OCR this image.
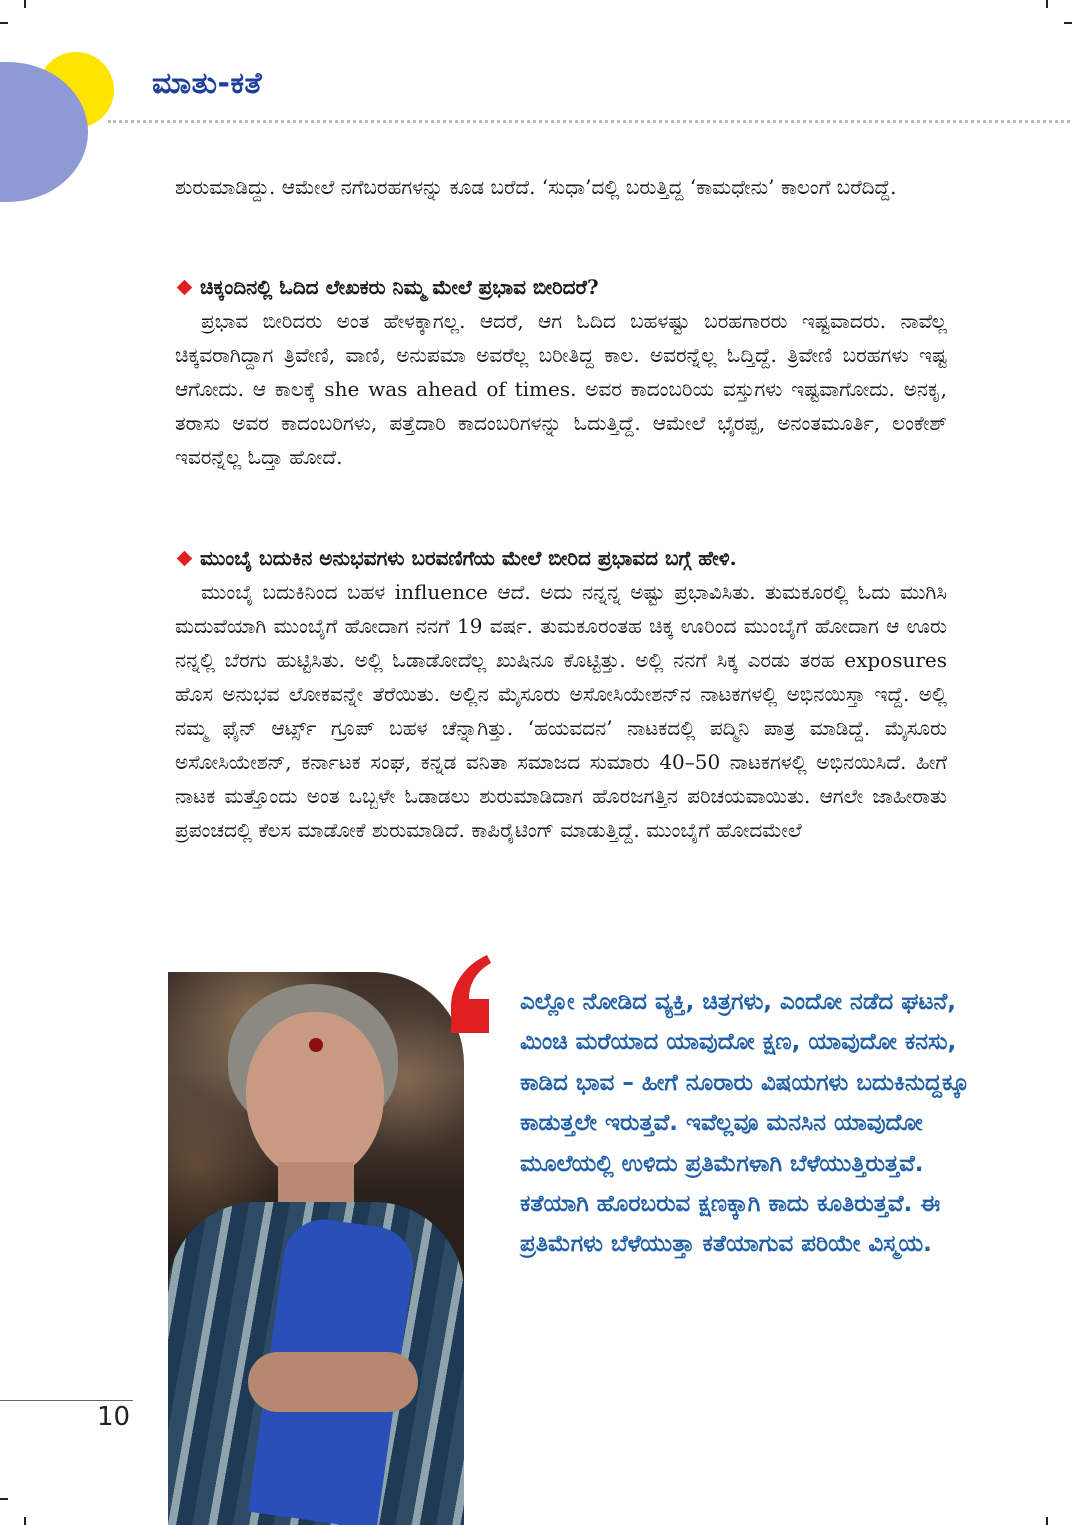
ಮಾತು-ಕತೆ

ಶುರುಮಾಡಿದ್ದು. ಆಮೇಲೆ ನಗೆಬರಹಗಳನ್ನು ಕೂಡ ಬರೆದೆ. ‘ಸುಧಾ’ದಲ್ಲಿ ಬರುತ್ತಿದ್ದ ‘ಕಾಮಧೇನು’ ಕಾಲಂಗೆ ಬರೆದಿದ್ದೆ.

ಚಿಕ್ಕಂದಿನಲ್ಲಿ ಓದಿದ ಲೇಖಕರು ನಿಮ್ಮ ಮೇಲೆ ಪ್ರಭಾವ ಬೀರಿದರೆ?

ಪ್ರಭಾವ ಬೀರಿದರು ಅಂತ ಹೇಳಕ್ಕಾಗಲ್ಲ. ಆದರೆ, ಆಗ ಓದಿದ ಬಹಳಷ್ಟು ಬರಹಗಾರರು ಇಷ್ಟವಾದರು. ನಾವೆಲ್ಲ ಚಿಕ್ಕವರಾಗಿದ್ದಾಗ ತ್ರಿವೇಣಿ, ವಾಣಿ, ಅನುಪಮಾ ಅವರೆಲ್ಲ ಬರೀತಿದ್ದ ಕಾಲ. ಅವರನ್ನೆಲ್ಲ ಓದ್ತಿದ್ದೆ. ತ್ರಿವೇಣಿ ಬರಹಗಳು ಇಷ್ಟ ಆಗೋದು. ಆ ಕಾಲಕ್ಕೆ she was ahead of times. ಅವರ ಕಾದಂಬರಿಯ ವಸ್ತುಗಳು ಇಷ್ಟವಾಗೋದು. ಅನಕೃ, ತರಾಸು ಅವರ ಕಾದಂಬರಿಗಳು, ಪತ್ತೆದಾರಿ ಕಾದಂಬರಿಗಳನ್ನು ಓದುತ್ತಿದ್ದೆ. ಆಮೇಲೆ ಭೈರಪ್ಪ, ಅನಂತಮೂರ್ತಿ, ಲಂಕೇಶ್ ಇವರನ್ನೆಲ್ಲ ಓದ್ತಾ ಹೋದೆ.

ಮುಂಬೈ ಬದುಕಿನ ಅನುಭವಗಳು ಬರವಣಿಗೆಯ ಮೇಲೆ ಬೀರಿದ ಪ್ರಭಾವದ ಬಗ್ಗೆ ಹೇಳಿ.

ಮುಂಬೈ ಬದುಕಿನಿಂದ ಬಹಳ influence ಆದೆ. ಅದು ನನ್ನನ್ನ ಅಷ್ಟು ಪ್ರಭಾವಿಸಿತು. ತುಮಕೂರಲ್ಲಿ ಓದು ಮುಗಿಸಿ ಮದುವೆಯಾಗಿ ಮುಂಬೈಗೆ ಹೋದಾಗ ನನಗೆ 19 ವರ್ಷ. ತುಮಕೂರಂತಹ ಚಿಕ್ಕ ಊರಿಂದ ಮುಂಬೈಗೆ ಹೋದಾಗ ಆ ಊರು ನನ್ನಲ್ಲಿ ಬೆರಗು ಹುಟ್ಟಿಸಿತು. ಅಲ್ಲಿ ಓಡಾಡೋದೆಲ್ಲ ಖುಷಿನೂ ಕೊಟ್ಟಿತ್ತು. ಅಲ್ಲಿ ನನಗೆ ಸಿಕ್ಕ ಎರಡು ತರಹ exposures ಹೊಸ ಅನುಭವ ಲೋಕವನ್ನೇ ತೆರೆಯಿತು. ಅಲ್ಲಿನ ಮೈಸೂರು ಅಸೋಸಿಯೇಶನ್‌ನ ನಾಟಕಗಳಲ್ಲಿ ಅಭಿನಯಿಸ್ತಾ ಇದ್ದೆ. ಅಲ್ಲಿ ನಮ್ಮ ಫೈನ್ ಆರ್ಟ್ಸ್ ಗ್ರೂಪ್ ಬಹಳ ಚೆನ್ನಾಗಿತ್ತು. ‘ಹಯವದನ’ ನಾಟಕದಲ್ಲಿ ಪದ್ಮಿನಿ ಪಾತ್ರ ಮಾಡಿದ್ದೆ. ಮೈಸೂರು ಅಸೋಸಿಯೇಶನ್, ಕರ್ನಾಟಕ ಸಂಘ, ಕನ್ನಡ ವನಿತಾ ಸಮಾಜದ ಸುಮಾರು 40–50 ನಾಟಕಗಳಲ್ಲಿ ಅಭಿನಯಿಸಿದೆ. ಹೀಗೆ ನಾಟಕ ಮತ್ತೊಂದು ಅಂತ ಒಬ್ಬಳೇ ಓಡಾಡಲು ಶುರುಮಾಡಿದಾಗ ಹೊರಜಗತ್ತಿನ ಪರಿಚಯವಾಯಿತು. ಆಗಲೇ ಜಾಹೀರಾತು ಪ್ರಪಂಚದಲ್ಲಿ ಕೆಲಸ ಮಾಡೋಕೆ ಶುರುಮಾಡಿದೆ. ಕಾಪಿರೈಟಿಂಗ್ ಮಾಡುತ್ತಿದ್ದೆ. ಮುಂಬೈಗೆ ಹೋದಮೇಲೆ

ಎಲ್ಲೋ ನೋಡಿದ ವ್ಯಕ್ತಿ, ಚಿತ್ರಗಳು, ಎಂದೋ ನಡೆದ ಘಟನೆ, ಮಿಂಚಿ ಮರೆಯಾದ ಯಾವುದೋ ಕ್ಷಣ, ಯಾವುದೋ ಕನಸು, ಕಾಡಿದ ಭಾವ – ಹೀಗೆ ನೂರಾರು ವಿಷಯಗಳು ಬದುಕಿನುದ್ದಕ್ಕೂ ಕಾಡುತ್ತಲೇ ಇರುತ್ತವೆ. ಇವೆಲ್ಲವೂ ಮನಸಿನ ಯಾವುದೋ ಮೂಲೆಯಲ್ಲಿ ಉಳಿದು ಪ್ರತಿಮೆಗಳಾಗಿ ಬೆಳೆಯುತ್ತಿರುತ್ತವೆ. ಕತೆಯಾಗಿ ಹೊರಬರುವ ಕ್ಷಣಕ್ಕಾಗಿ ಕಾದು ಕೂತಿರುತ್ತವೆ. ಈ ಪ್ರತಿಮೆಗಳು ಬೆಳೆಯುತ್ತಾ ಕತೆಯಾಗುವ ಪರಿಯೇ ವಿಸ್ಮಯ.
10
